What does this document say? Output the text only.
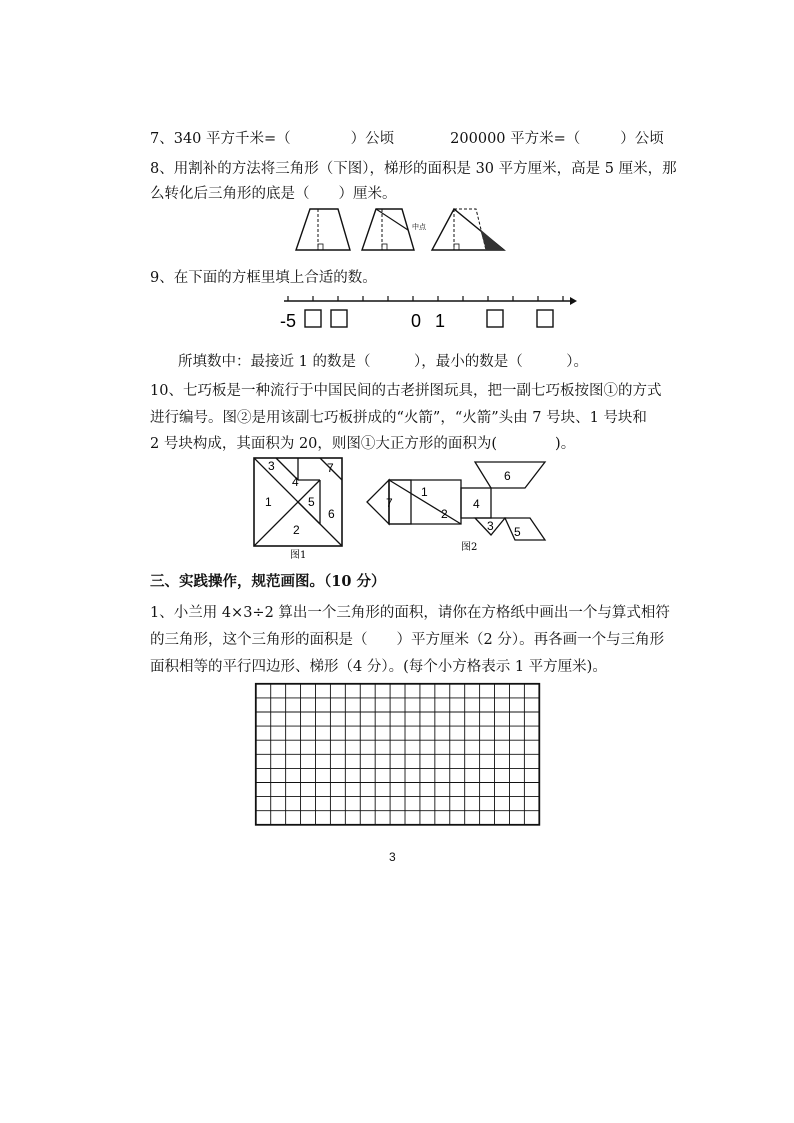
7、340 平方千米=（	）公顷	200000 平方米=（	）公顷
8、用割补的方法将三角形（下图），梯形的面积是 30 平方厘米，高是 5 厘米，那
么转化后三角形的底是（　　）厘米。
中点
9、在下面的方框里填上合适的数。
-5	0 1
所填数中：最接近 1 的数是（　　　），最小的数是（　　　）。
10、七巧板是一种流行于中国民间的古老拼图玩具，把一副七巧板按图①的方式
进行编号。图②是用该副七巧板拼成的“火箭”，“火箭”头由 7 号块、1 号块和
2 号块构成，其面积为 20，则图①大正方形的面积为(　　　　)。
3
4
7
1	5
6
2
图1
7
1
2
4
6
3 5
图2
三、实践操作，规范画图。（10 分）
1、小兰用 4×3÷2 算出一个三角形的面积，请你在方格纸中画出一个与算式相符
的三角形，这个三角形的面积是（　　）平方厘米（2 分）。再各画一个与三角形
面积相等的平行四边形、梯形（4 分）。(每个小方格表示 1 平方厘米)。
3
